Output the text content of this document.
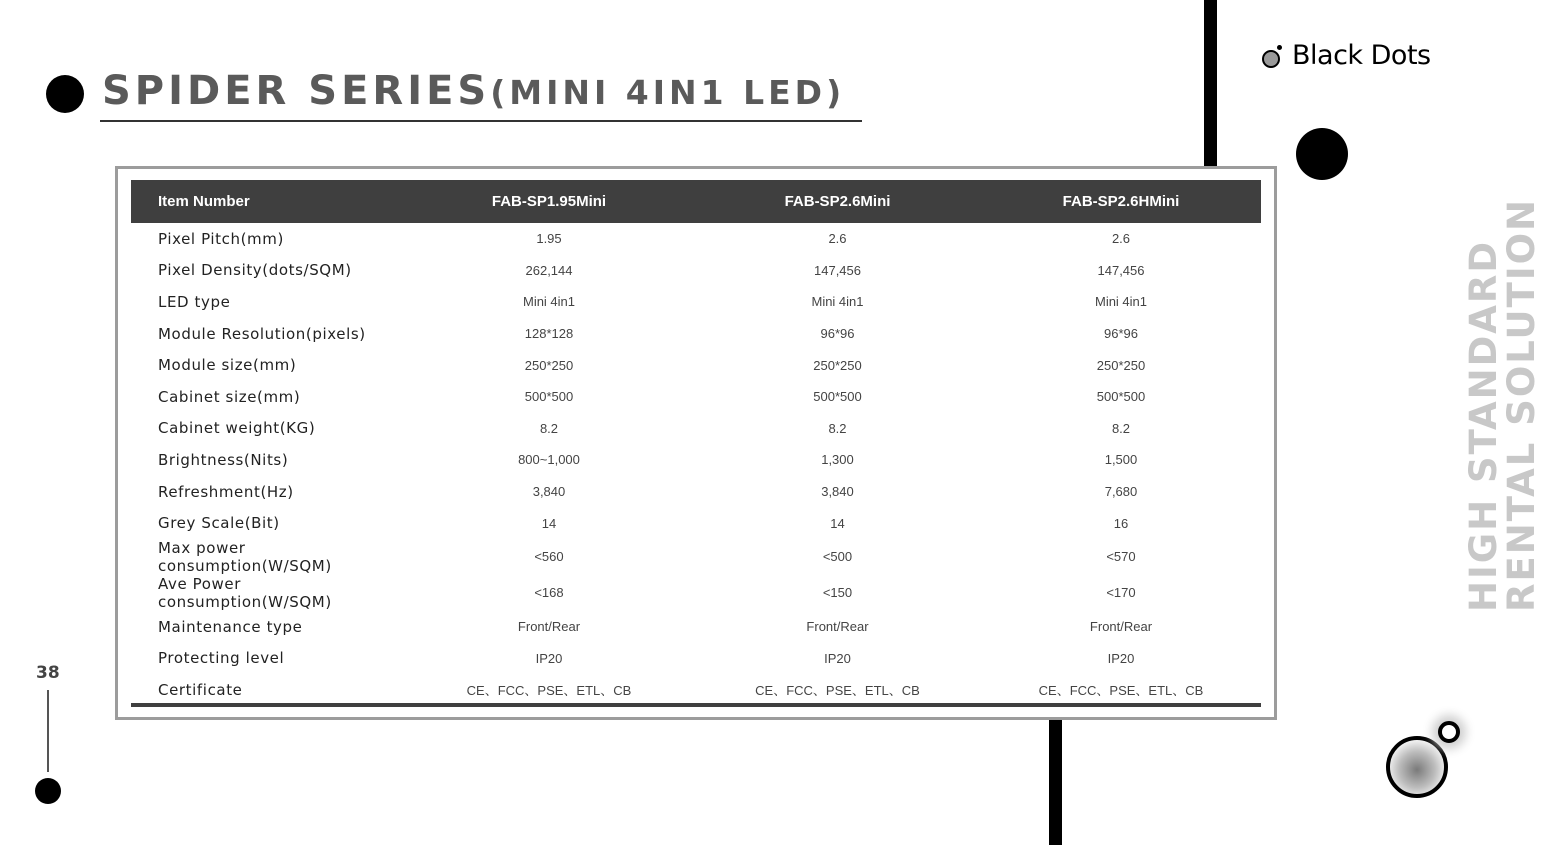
SPIDER SERIES(MINI 4IN1 LED)
Black Dots
HIGH STANDARD
RENTAL SOLUTION
38
Item Number	FAB-SP1.95Mini	FAB-SP2.6Mini	FAB-SP2.6HMini
Pixel Pitch(mm)	1.95	2.6	2.6
Pixel Density(dots/SQM)	262,144	147,456	147,456
LED type	Mini 4in1	Mini 4in1	Mini 4in1
Module Resolution(pixels)	128*128	96*96	96*96
Module size(mm)	250*250	250*250	250*250
Cabinet size(mm)	500*500	500*500	500*500
Cabinet weight(KG)	8.2	8.2	8.2
Brightness(Nits)	800~1,000	1,300	1,500
Refreshment(Hz)	3,840	3,840	7,680
Grey Scale(Bit)	14	14	16
Max power consumption(W/SQM)	<560	<500	<570
Ave Power consumption(W/SQM)	<168	<150	<170
Maintenance type	Front/Rear	Front/Rear	Front/Rear
Protecting level	IP20	IP20	IP20
Certificate	CE、FCC、PSE、ETL、CB	CE、FCC、PSE、ETL、CB	CE、FCC、PSE、ETL、CB
